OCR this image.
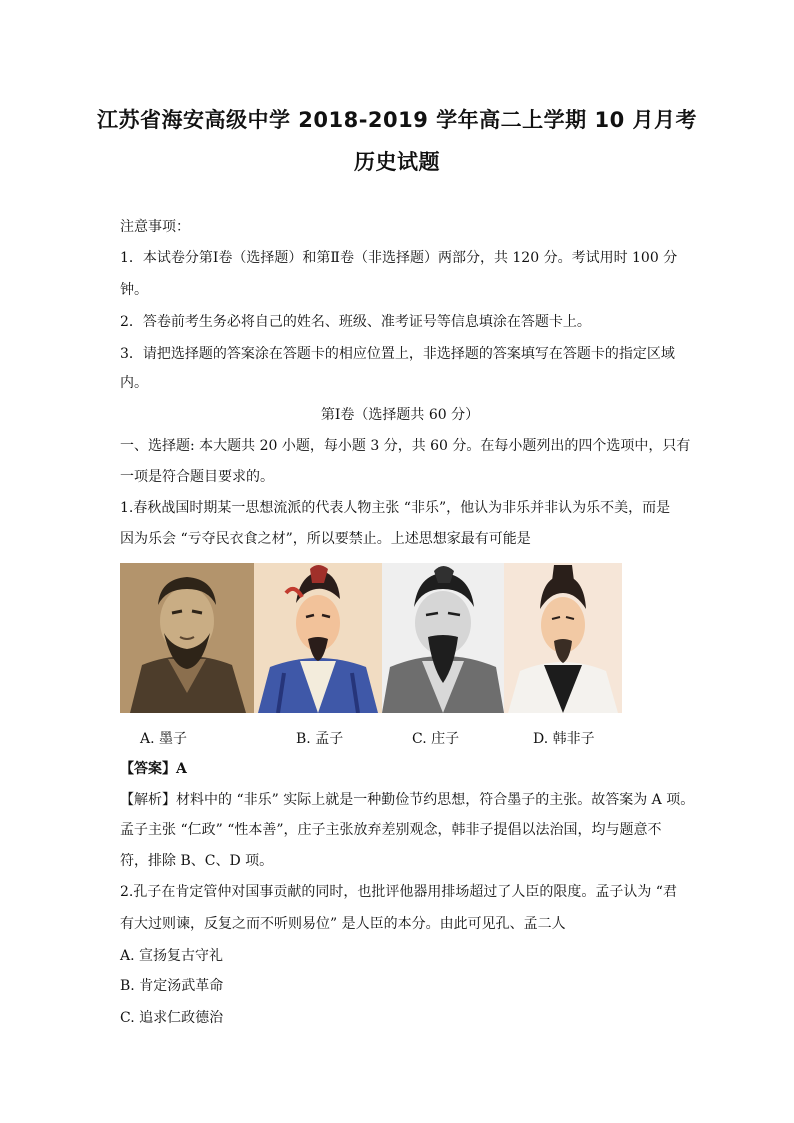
江苏省海安高级中学 2018-2019 学年高二上学期 10 月月考
历史试题
注意事项：
1．本试卷分第Ⅰ卷（选择题）和第Ⅱ卷（非选择题）两部分，共 120 分。考试用时 100 分
钟。
2．答卷前考生务必将自己的姓名、班级、准考证号等信息填涂在答题卡上。
3．请把选择题的答案涂在答题卡的相应位置上，非选择题的答案填写在答题卡的指定区域
内。
第Ⅰ卷（选择题共 60 分）
一、选择题: 本大题共 20 小题，每小题 3 分，共 60 分。在每小题列出的四个选项中，只有
一项是符合题目要求的。
1.春秋战国时期某一思想流派的代表人物主张 “非乐”，他认为非乐并非认为乐不美，而是
因为乐会 “亏夺民衣食之材”，所以要禁止。上述思想家最有可能是
A. 墨子	B. 孟子	C. 庄子	D. 韩非子
【答案】A
【解析】材料中的 “非乐” 实际上就是一种勤俭节约思想，符合墨子的主张。故答案为 A 项。
孟子主张 “仁政” “性本善”，庄子主张放弃差别观念，韩非子提倡以法治国，均与题意不
符，排除 B、C、D 项。
2.孔子在肯定管仲对国事贡献的同时，也批评他器用排场超过了人臣的限度。孟子认为 “君
有大过则谏，反复之而不听则易位” 是人臣的本分。由此可见孔、孟二人
A. 宣扬复古守礼
B. 肯定汤武革命
C. 追求仁政德治
